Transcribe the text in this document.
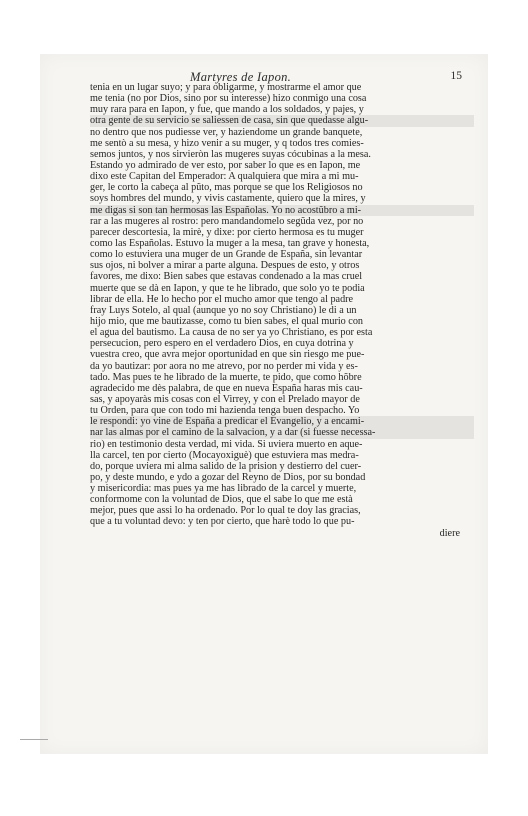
Martyres de Iapon.	15
tenia en un lugar suyo; y para obligarme, y mostrarme el amor que
me tenia (no por Dios, sino por su interesse) hizo conmigo una cosa
muy rara para en Iapon, y fue, que mando a los soldados, y pajes, y
otra gente de su servicio se saliessen de casa, sin que quedasse algu-
no dentro que nos pudiesse ver, y haziendome un grande banquete,
me sentò a su mesa, y hizo venir a su muger, y q todos tres comies-
semos juntos, y nos sirvieròn las mugeres suyas cócubinas a la mesa.
Estando yo admirado de ver esto, por saber lo que es en Iapon, me
dixo este Capitan del Emperador: A qualquiera que mira a mi mu-
ger, le corto la cabeça al pũto, mas porque se que los Religiosos no
soys hombres del mundo, y vivis castamente, quiero que la mires, y
me digas si son tan hermosas las Españolas. Yo no acostũbro a mi-
rar a las mugeres al rostro: pero mandandomelo segũda vez, por no
parecer descortesia, la mirè, y dixe: por cierto hermosa es tu muger
como las Españolas. Estuvo la muger a la mesa, tan grave y honesta,
como lo estuviera una muger de un Grande de España, sin levantar
sus ojos, ni bolver a mirar a parte alguna. Despues de esto, y otros
favores, me dixo: Bien sabes que estavas condenado a la mas cruel
muerte que se dà en Iapon, y que te he librado, que solo yo te podia
librar de ella. He lo hecho por el mucho amor que tengo al padre
fray Luys Sotelo, al qual (aunque yo no soy Christiano) le di a un
hijo mio, que me bautizasse, como tu bien sabes, el qual murio con
el agua del bautismo. La causa de no ser ya yo Christiano, es por esta
persecucion, pero espero en el verdadero Dios, en cuya dotrina y
vuestra creo, que avra mejor oportunidad en que sin riesgo me pue-
da yo bautizar: por aora no me atrevo, por no perder mi vida y es-
tado. Mas pues te he librado de la muerte, te pido, que como hõbre
agradecido me dès palabra, de que en nueva España haras mis cau-
sas, y apoyaràs mis cosas con el Virrey, y con el Prelado mayor de
tu Orden, para que con todo mi hazienda tenga buen despacho. Yo
le respondi: yo vine de España a predicar el Evangelio, y a encami-
nar las almas por el camino de la salvacion, y a dar (si fuesse necessa-
rio) en testimonio desta verdad, mi vida. Si uviera muerto en aque-
lla carcel, ten por cierto (Mocayoxiguè) que estuviera mas medra-
do, porque uviera mi alma salido de la prision y destierro del cuer-
po, y deste mundo, e ydo a gozar del Reyno de Dios, por su bondad
y misericordia: mas pues ya me has librado de la carcel y muerte,
conformome con la voluntad de Dios, que el sabe lo que me està
mejor, pues que assi lo ha ordenado. Por lo qual te doy las gracias,
que a tu voluntad devo: y ten por cierto, que harè todo lo que pu-
diere
